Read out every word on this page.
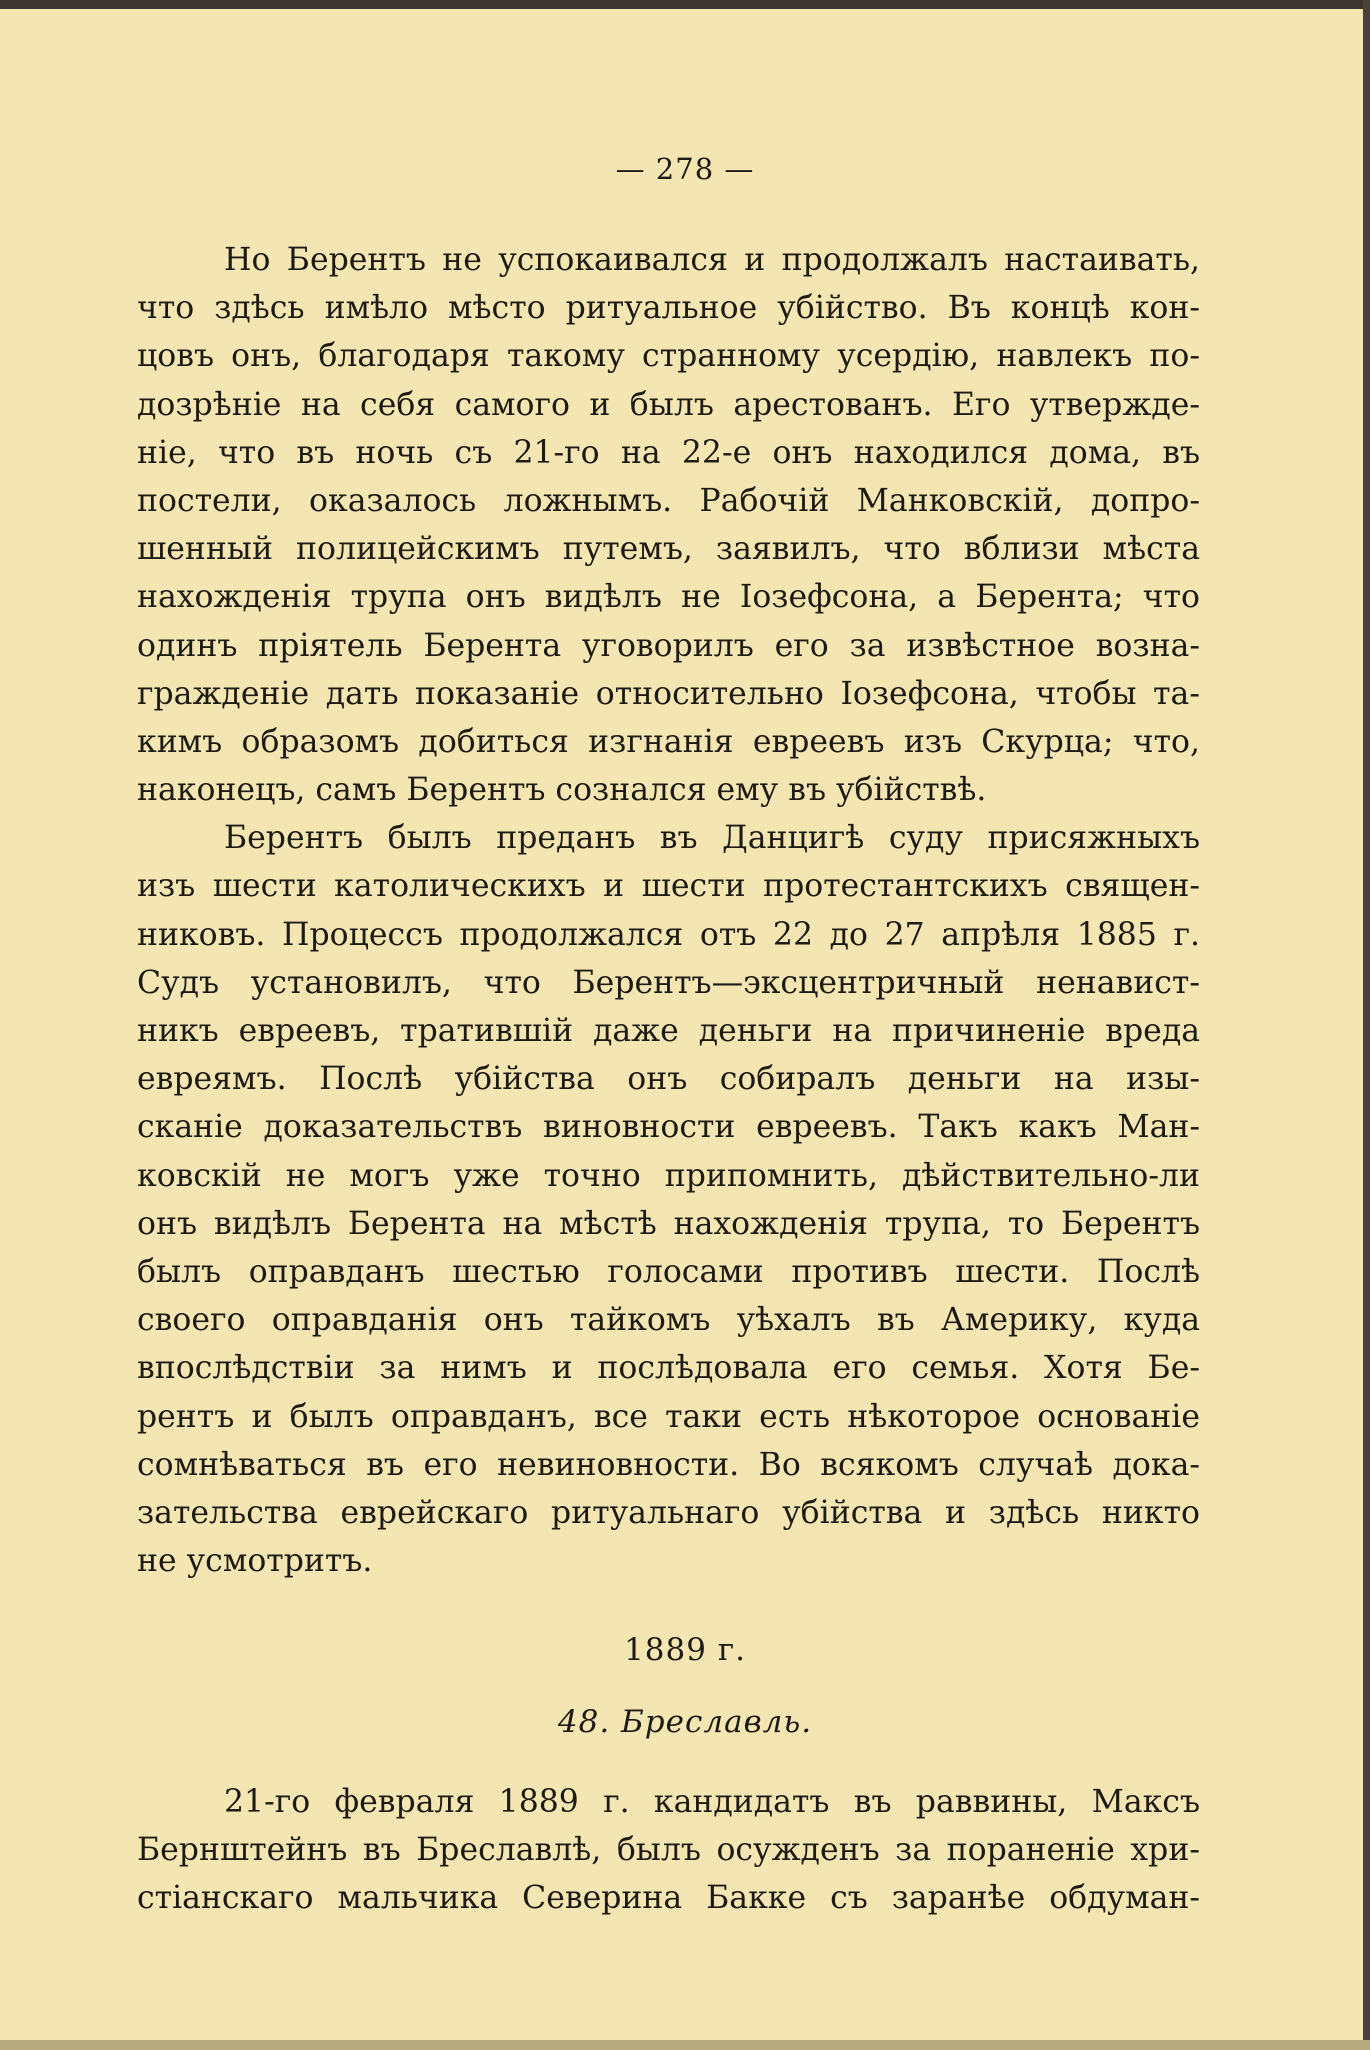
— 278 —
Но Берентъ не успокаивался и продолжалъ настаивать,
что здѣсь имѣло мѣсто ритуальное убійство. Въ концѣ кон-
цовъ онъ, благодаря такому странному усердію, навлекъ по-
дозрѣніе на себя самого и былъ арестованъ. Его утвержде-
ніе, что въ ночь съ 21-го на 22-е онъ находился дома, въ
постели, оказалось ложнымъ. Рабочій Манковскій, допро-
шенный полицейскимъ путемъ, заявилъ, что вблизи мѣста
нахожденія трупа онъ видѣлъ не Іозефсона, а Берента; что
одинъ пріятель Берента уговорилъ его за извѣстное возна-
гражденіе дать показаніе относительно Іозефсона, чтобы та-
кимъ образомъ добиться изгнанія евреевъ изъ Скурца; что,
наконецъ, самъ Берентъ сознался ему въ убійствѣ.
Берентъ былъ преданъ въ Данцигѣ суду присяжныхъ
изъ шести католическихъ и шести протестантскихъ священ-
никовъ. Процессъ продолжался отъ 22 до 27 апрѣля 1885 г.
Судъ установилъ, что Берентъ—эксцентричный ненавист-
никъ евреевъ, тратившій даже деньги на причиненіе вреда
евреямъ. Послѣ убійства онъ собиралъ деньги на изы-
сканіе доказательствъ виновности евреевъ. Такъ какъ Ман-
ковскій не могъ уже точно припомнить, дѣйствительно-ли
онъ видѣлъ Берента на мѣстѣ нахожденія трупа, то Берентъ
былъ оправданъ шестью голосами противъ шести. Послѣ
своего оправданія онъ тайкомъ уѣхалъ въ Америку, куда
впослѣдствіи за нимъ и послѣдовала его семья. Хотя Бе-
рентъ и былъ оправданъ, все таки есть нѣкоторое основаніе
сомнѣваться въ его невиновности. Во всякомъ случаѣ дока-
зательства еврейскаго ритуальнаго убійства и здѣсь никто
не усмотритъ.
1889 г.
48. Бреславль.
21-го февраля 1889 г. кандидатъ въ раввины, Максъ
Бернштейнъ въ Бреславлѣ, былъ осужденъ за пораненіе хри-
стіанскаго мальчика Северина Бакке съ заранѣе обдуман-
